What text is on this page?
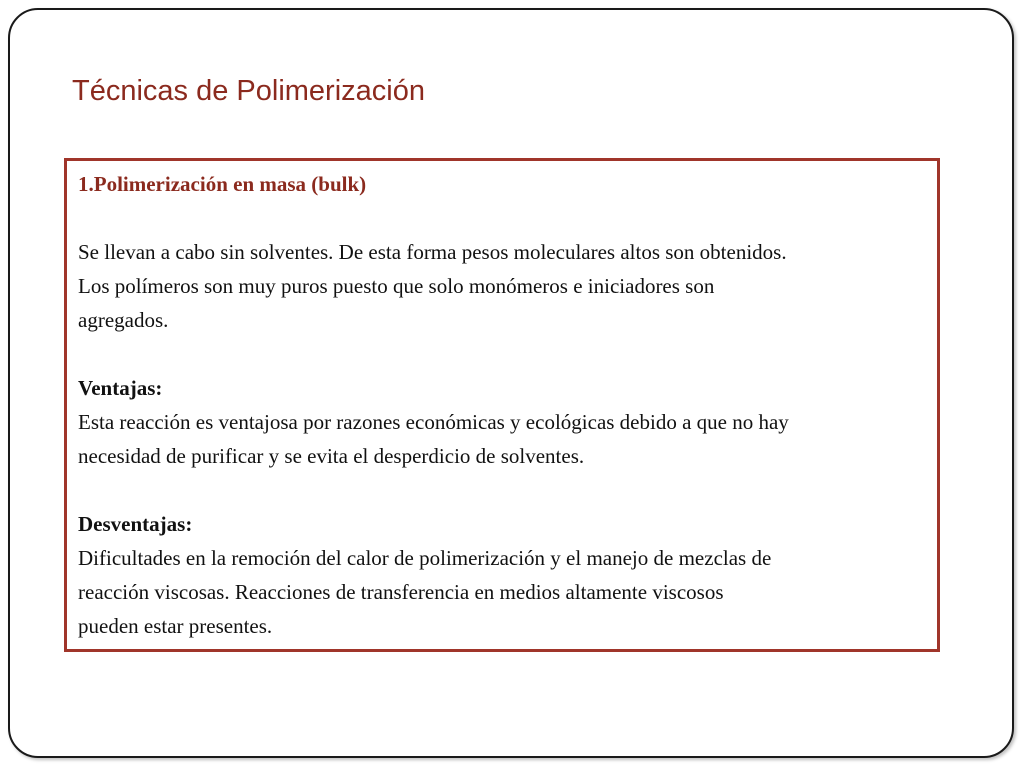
Técnicas de Polimerización

1.Polimerización en masa (bulk)

Se llevan a cabo sin solventes. De esta forma pesos moleculares altos son obtenidos.

Los polímeros son muy puros puesto que solo monómeros e iniciadores son

agregados.

Ventajas:

Esta reacción es ventajosa por razones económicas y ecológicas debido a que no hay

necesidad de purificar y se evita el desperdicio de solventes.

Desventajas:

Dificultades en la remoción del calor de polimerización y el manejo de mezclas de

reacción viscosas. Reacciones de transferencia en medios altamente viscosos

pueden estar presentes.
